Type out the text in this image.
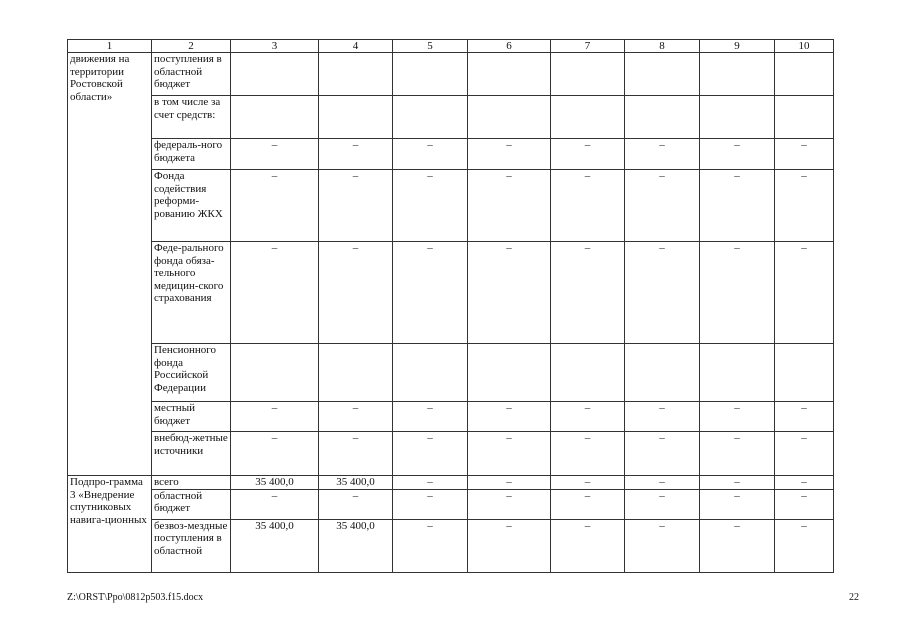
1	2	3	4	5	6	7	8	9	10
движения на территории Ростовской области»	поступления в областной бюджет								
	в том числе за счет средств:								
	федераль-ного бюджета	–	–	–	–	–	–	–	–
	Фонда содействия реформи-рованию ЖКХ	–	–	–	–	–	–	–	–
	Феде-рального фонда обяза-тельного медицин-ского страхования	–	–	–	–	–	–	–	–
	Пенсионного фонда Российской Федерации								
	местный бюджет	–	–	–	–	–	–	–	–
	внебюд-жетные источники	–	–	–	–	–	–	–	–
Подпро-грамма 3 «Внедрение спутниковых навига-ционных	всего	35 400,0	35 400,0	–	–	–	–	–	–
	областной бюджет	–	–	–	–	–	–	–	–
	безвоз-мездные поступления в областной	35 400,0	35 400,0	–	–	–	–	–	–
Z:\ORST\Ppo\0812p503.f15.docx	22
